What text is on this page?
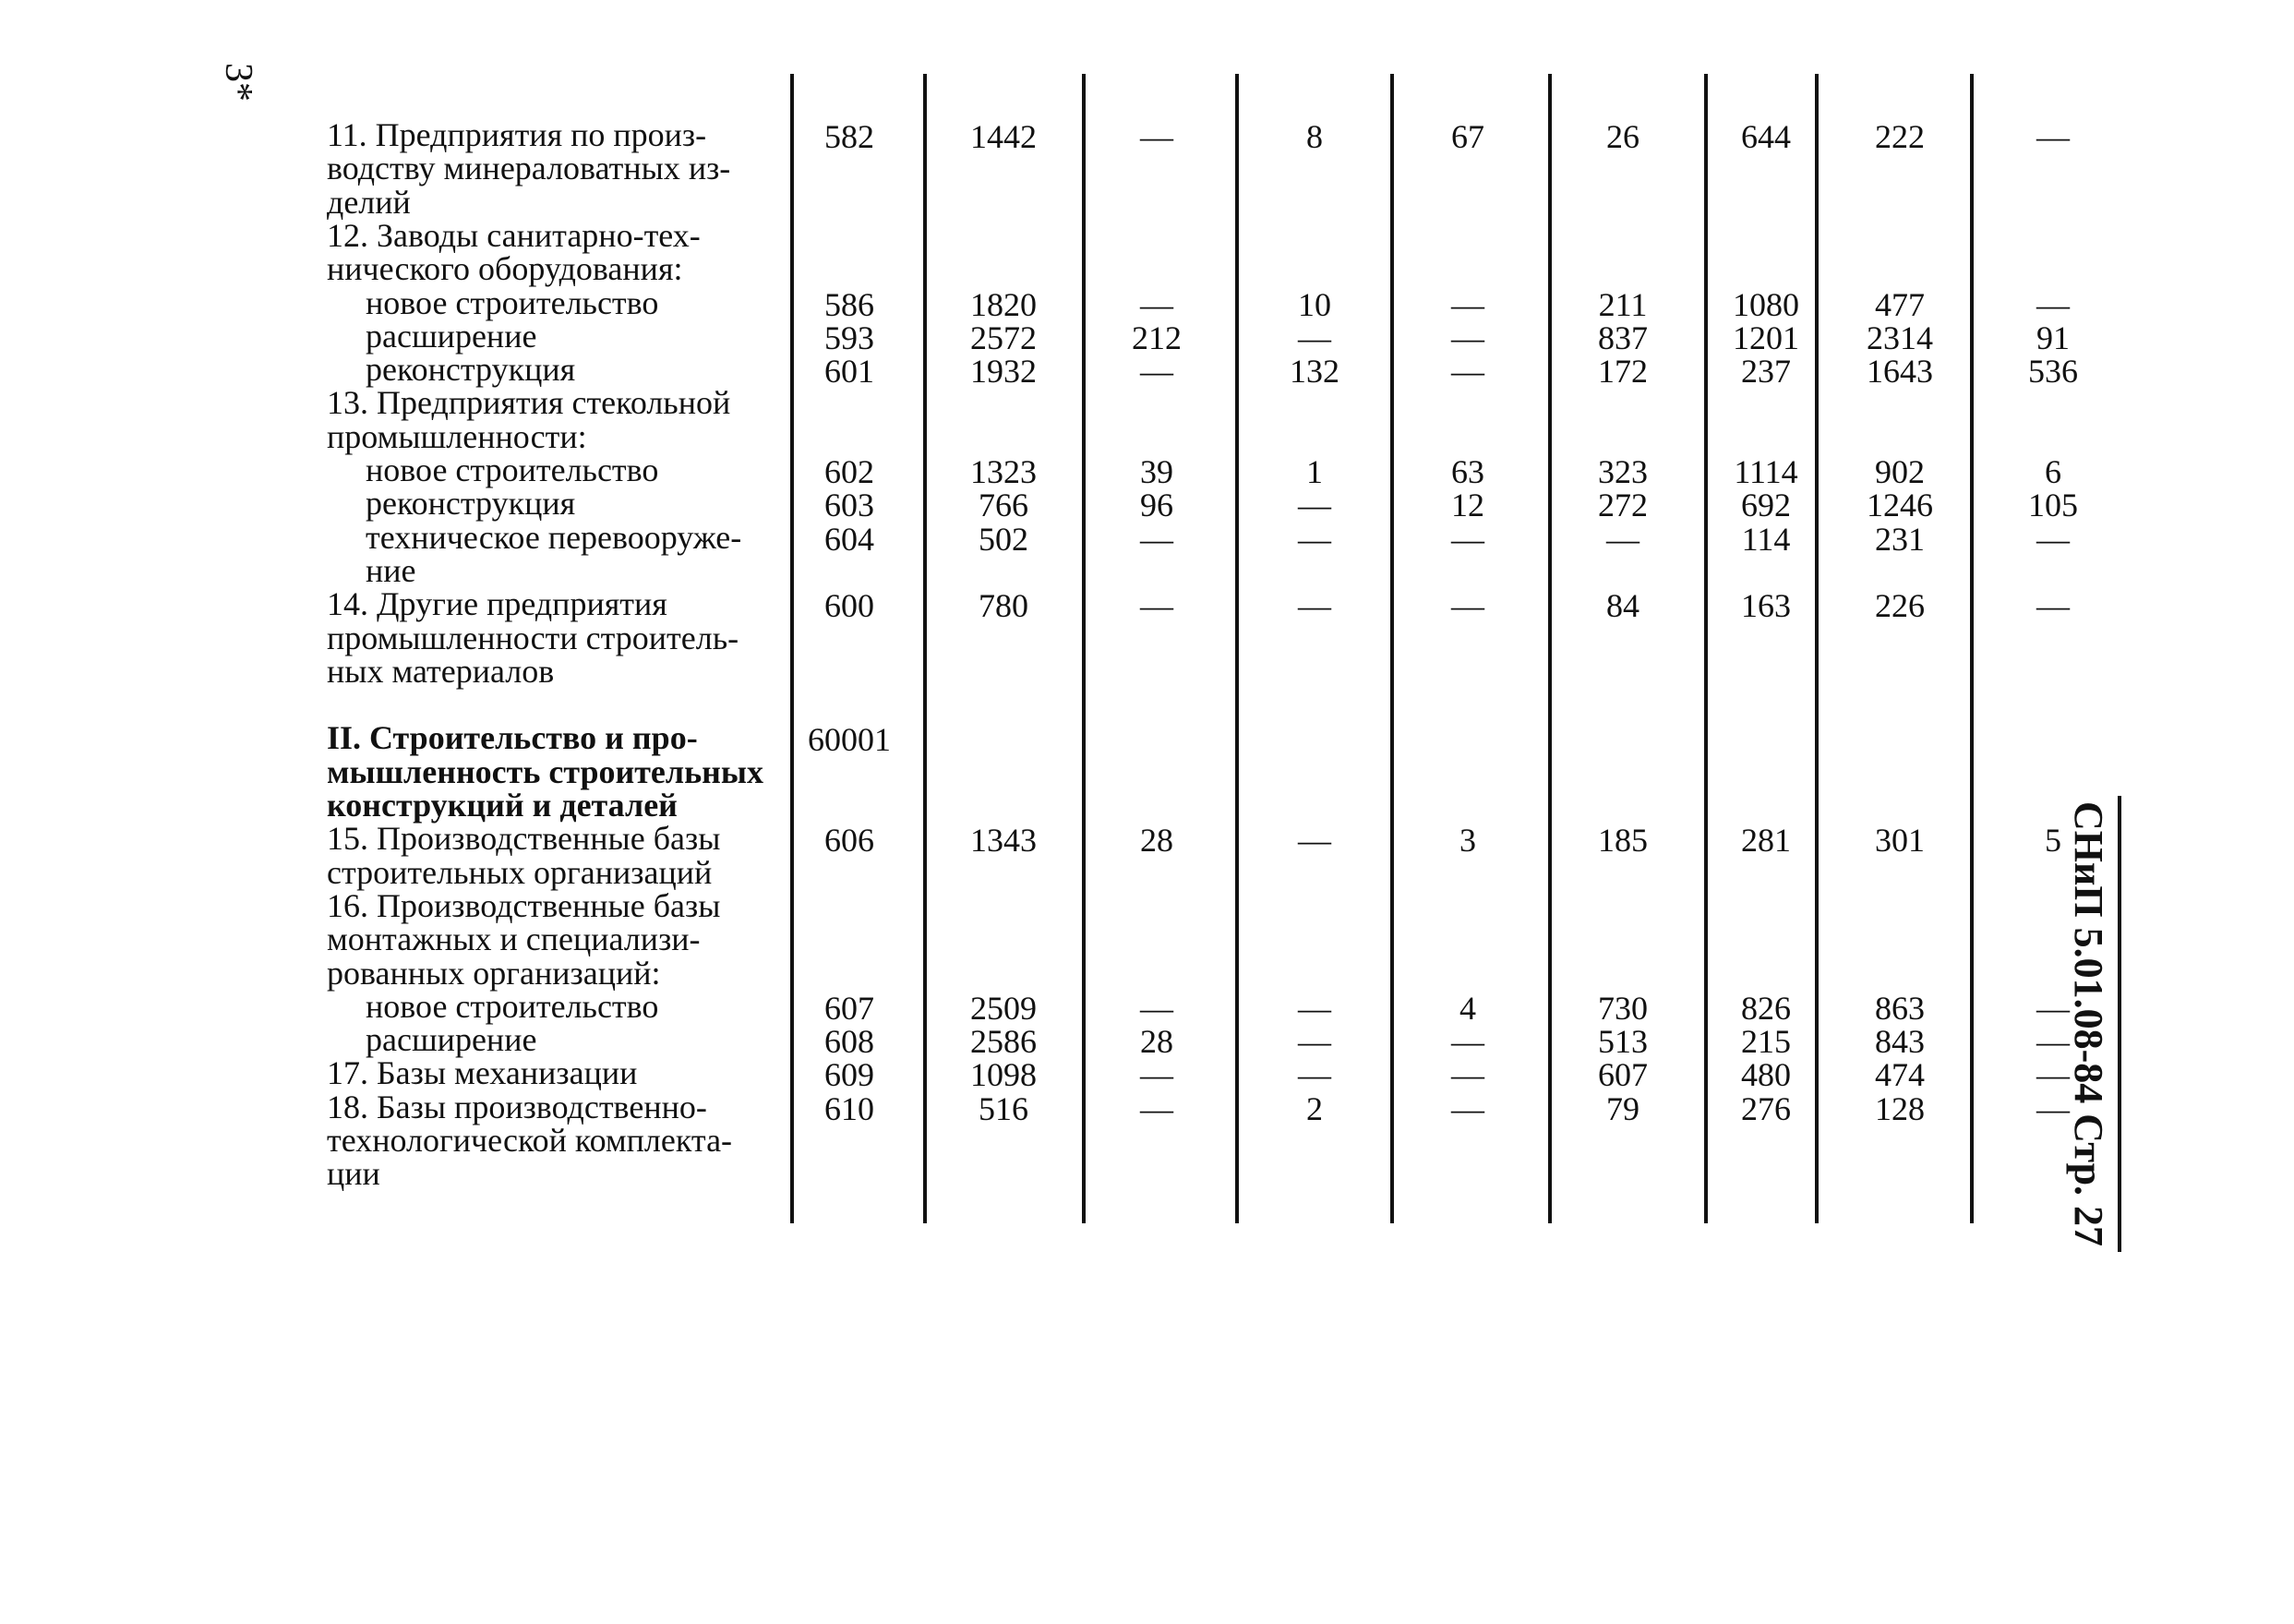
3*
11. Предприятия по произ-	582	1442	—	8	67	26	644	222	—
водству минераловатных из-
делий
12. Заводы санитарно-тех-
нического оборудования:
новое строительство	586	1820	—	10	—	211	1080	477	—
расширение	593	2572	212	—	—	837	1201	2314	91
реконструкция	601	1932	—	132	—	172	237	1643	536
13. Предприятия стекольной
промышленности:
новое строительство	602	1323	39	1	63	323	1114	902	6
реконструкция	603	766	96	—	12	272	692	1246	105
техническое перевооруже-	604	502	—	—	—	—	114	231	—
ние
14. Другие предприятия	600	780	—	—	—	84	163	226	—
промышленности строитель-
ных материалов
II. Строительство и про-	60001
мышленность строительных
конструкций и деталей
15. Производственные базы	606	1343	28	—	3	185	281	301	5
строительных организаций
16. Производственные базы
монтажных и специализи-
рованных организаций:
новое строительство	607	2509	—	—	4	730	826	863	—
расширение	608	2586	28	—	—	513	215	843	—
17. Базы механизации	609	1098	—	—	—	607	480	474	—
18. Базы производственно-	610	516	—	2	—	79	276	128	—
технологической комплекта-
ции	СНиП 5.01.08-84 Стр. 27
